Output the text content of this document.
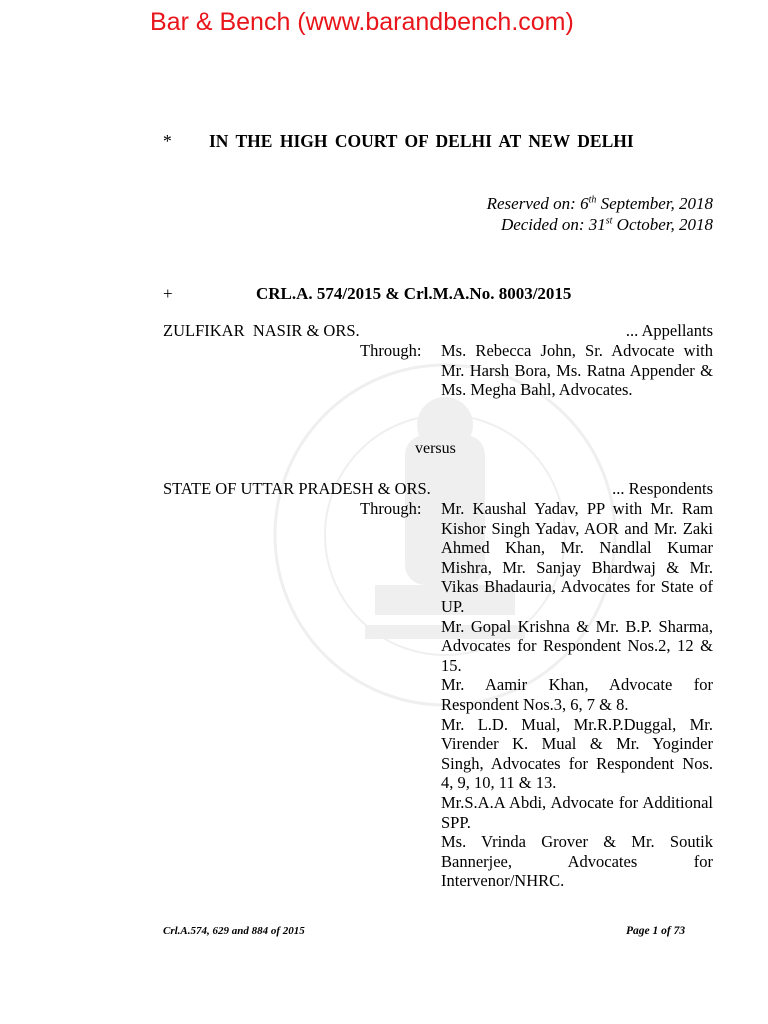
Bar & Bench (www.barandbench.com)
* IN THE HIGH COURT OF DELHI AT NEW DELHI
Reserved on: 6th September, 2018
Decided on: 31st October, 2018
+	CRL.A. 574/2015 & Crl.M.A.No. 8003/2015
ZULFIKAR  NASIR & ORS.	... Appellants
Through: Ms. Rebecca John, Sr. Advocate with Mr. Harsh Bora, Ms. Ratna Appender & Ms. Megha Bahl, Advocates.

versus
STATE OF UTTAR PRADESH & ORS.	... Respondents
Through: Mr. Kaushal Yadav, PP with Mr. Ram Kishor Singh Yadav, AOR and Mr. Zaki Ahmed Khan, Mr. Nandlal Kumar Mishra, Mr. Sanjay Bhardwaj & Mr. Vikas Bhadauria, Advocates for State of UP.

Mr. Gopal Krishna & Mr. B.P. Sharma, Advocates for Respondent Nos.2, 12 & 15.

Mr. Aamir Khan, Advocate for Respondent Nos.3, 6, 7 & 8.

Mr. L.D. Mual, Mr.R.P.Duggal, Mr. Virender K. Mual & Mr. Yoginder Singh, Advocates for Respondent Nos. 4, 9, 10, 11 & 13.

Mr.S.A.A Abdi, Advocate for Additional SPP.

Ms. Vrinda Grover & Mr. Soutik Bannerjee, Advocates for Intervenor/NHRC.

Crl.A.574, 629 and 884 of 2015	Page 1 of 73
